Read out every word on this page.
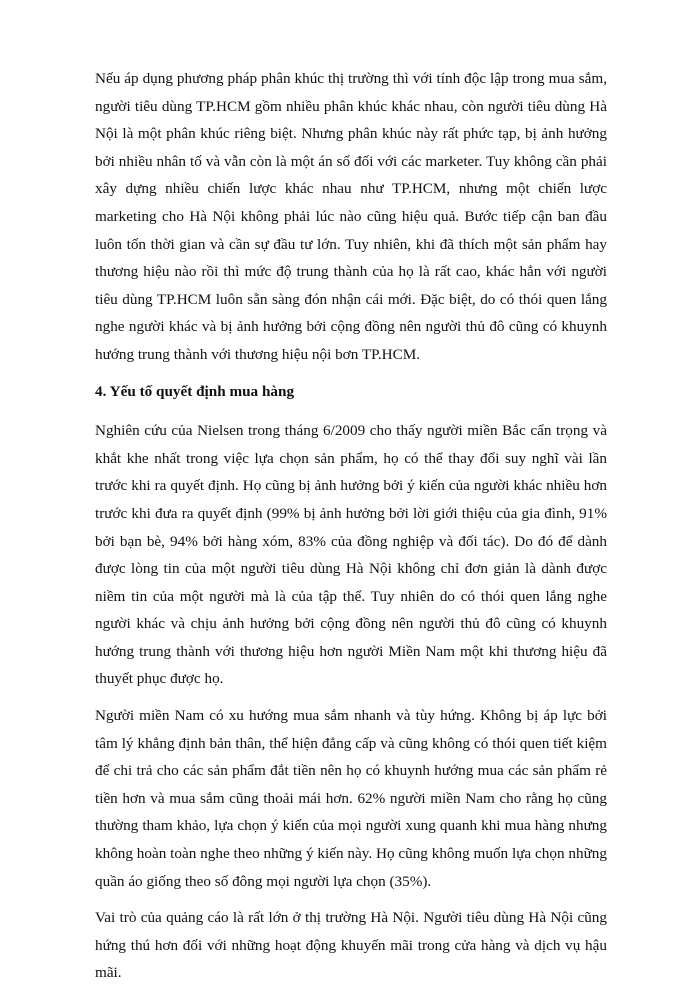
Nếu áp dụng phương pháp phân khúc thị trường thì với tính độc lập trong mua sắm, người tiêu dùng TP.HCM gồm nhiều phân khúc khác nhau, còn người tiêu dùng Hà Nội là một phân khúc riêng biệt. Nhưng phân khúc này rất phức tạp, bị ảnh hưởng bởi nhiều nhân tố và vẫn còn là một án số đối với các marketer. Tuy không cần phải xây dựng nhiều chiến lược khác nhau như TP.HCM, nhưng một chiến lược marketing cho Hà Nội không phải lúc nào cũng hiệu quả. Bước tiếp cận ban đầu luôn tốn thời gian và cần sự đầu tư lớn. Tuy nhiên, khi đã thích một sản phẩm hay thương hiệu nào rồi thì mức độ trung thành của họ là rất cao, khác hẳn với người tiêu dùng TP.HCM luôn sẵn sàng đón nhận cái mới. Đặc biệt, do có thói quen lắng nghe người khác và bị ảnh hưởng bởi cộng đồng nên người thủ đô cũng có khuynh hướng trung thành với thương hiệu nội bơn TP.HCM.

4. Yếu tố quyết định mua hàng

Nghiên cứu của Nielsen trong tháng 6/2009 cho thấy người miền Bắc cẩn trọng và khắt khe nhất trong việc lựa chọn sản phẩm, họ có thể thay đổi suy nghĩ vài lần trước khi ra quyết định. Họ cũng bị ảnh hưởng bởi ý kiến của người khác nhiều hơn trước khi đưa ra quyết định (99% bị ảnh hưởng bởi lời giới thiệu của gia đình, 91% bởi bạn bè, 94% bởi hàng xóm, 83% của đồng nghiệp và đối tác). Do đó để dành được lòng tin của một người tiêu dùng Hà Nội không chỉ đơn giản là dành được niềm tin của một người mà là của tập thể. Tuy nhiên do có thói quen lắng nghe người khác và chịu ảnh hưởng bởi cộng đồng nên người thủ đô cũng có khuynh hướng trung thành với thương hiệu hơn người Miền Nam một khi thương hiệu đã thuyết phục được họ.

Người miền Nam có xu hướng mua sắm nhanh và tùy hứng. Không bị áp lực bởi tâm lý khẳng định bản thân, thể hiện đẳng cấp và cũng không có thói quen tiết kiệm để chi trả cho các sản phẩm đắt tiền nên họ có khuynh hướng mua các sản phẩm rẻ tiền hơn và mua sắm cũng thoải mái hơn. 62% người miền Nam cho rằng họ cũng thường tham khảo, lựa chọn ý kiến của mọi người xung quanh khi mua hàng nhưng không hoàn toàn nghe theo những ý kiến này. Họ cũng không muốn lựa chọn những quần áo giống theo số đông mọi người lựa chọn (35%).

Vai trò của quảng cáo là rất lớn ở thị trường Hà Nội. Người tiêu dùng Hà Nội cũng hứng thú hơn đối với những hoạt động khuyến mãi trong cửa hàng và dịch vụ hậu mãi.
